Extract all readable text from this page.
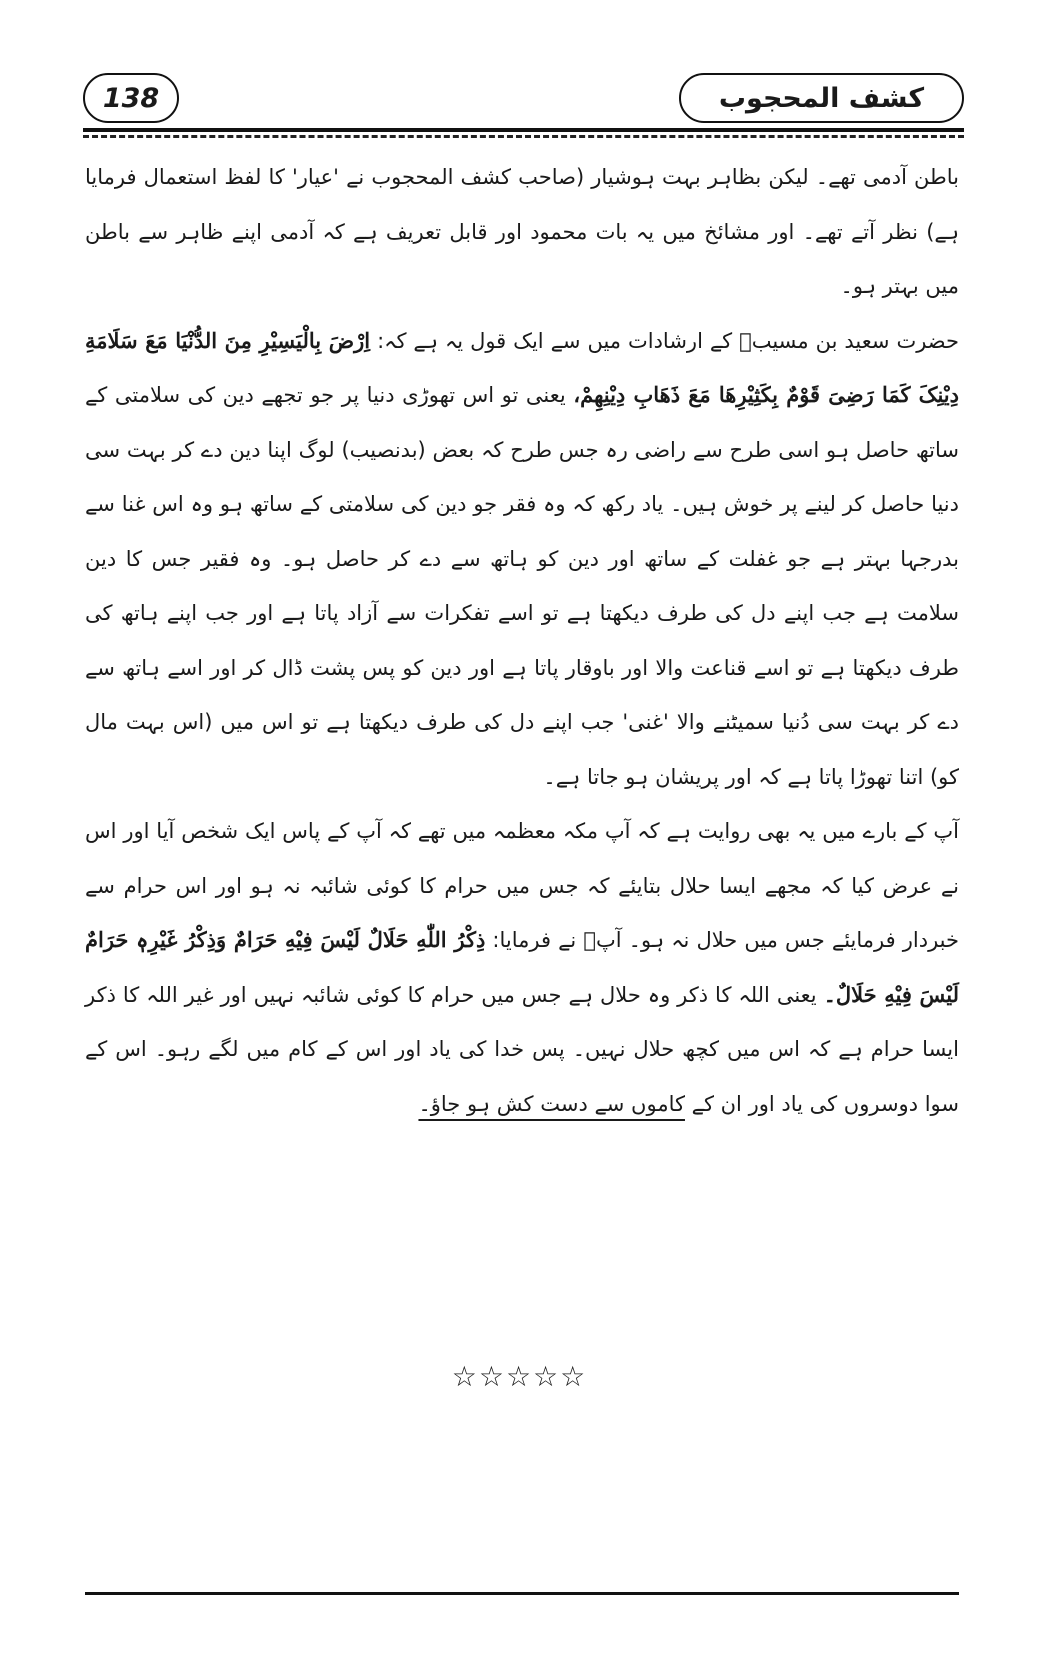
138	کشف المحجوب

باطن آدمی تھے۔ لیکن بظاہر بہت ہوشیار (صاحب کشف المحجوب نے 'عیار' کا لفظ استعمال فرمایا ہے) نظر آتے تھے۔ اور مشائخ میں یہ بات محمود اور قابل تعریف ہے کہ آدمی اپنے ظاہر سے باطن میں بہتر ہو۔

حضرت سعید بن مسیبؒ کے ارشادات میں سے ایک قول یہ ہے کہ: اِرْضَ بِالْیَسِیْرِ مِنَ الدُّنْیَا مَعَ سَلَامَةِ دِیْنِکَ کَمَا رَضِیَ قَوْمٌ بِکَثِیْرِهَا مَعَ ذَهَابِ دِیْنِهِمْ، یعنی تو اس تھوڑی دنیا پر جو تجھے دین کی سلامتی کے ساتھ حاصل ہو اسی طرح سے راضی رہ جس طرح کہ بعض (بدنصیب) لوگ اپنا دین دے کر بہت سی دنیا حاصل کر لینے پر خوش ہیں۔ یاد رکھ کہ وہ فقر جو دین کی سلامتی کے ساتھ ہو وہ اس غنا سے بدرجہا بہتر ہے جو غفلت کے ساتھ اور دین کو ہاتھ سے دے کر حاصل ہو۔ وہ فقیر جس کا دین سلامت ہے جب اپنے دل کی طرف دیکھتا ہے تو اسے تفکرات سے آزاد پاتا ہے اور جب اپنے ہاتھ کی طرف دیکھتا ہے تو اسے قناعت والا اور باوقار پاتا ہے اور دین کو پس پشت ڈال کر اور اسے ہاتھ سے دے کر بہت سی دُنیا سمیٹنے والا 'غنی' جب اپنے دل کی طرف دیکھتا ہے تو اس میں (اس بہت مال کو) اتنا تھوڑا پاتا ہے کہ اور پریشان ہو جاتا ہے۔

آپ کے بارے میں یہ بھی روایت ہے کہ آپ مکہ معظمہ میں تھے کہ آپ کے پاس ایک شخص آیا اور اس نے عرض کیا کہ مجھے ایسا حلال بتایئے کہ جس میں حرام کا کوئی شائبہ نہ ہو اور اس حرام سے خبردار فرمایئے جس میں حلال نہ ہو۔ آپؒ نے فرمایا: ذِکْرُ اللّٰهِ حَلَالٌ لَیْسَ فِیْهِ حَرَامٌ وَذِکْرُ غَیْرِهٖ حَرَامٌ لَیْسَ فِیْهِ حَلَالٌ۔ یعنی اللہ کا ذکر وہ حلال ہے جس میں حرام کا کوئی شائبہ نہیں اور غیر اللہ کا ذکر ایسا حرام ہے کہ اس میں کچھ حلال نہیں۔ پس خدا کی یاد اور اس کے کام میں لگے رہو۔ اس کے سوا دوسروں کی یاد اور ان کے کاموں سے دست کش ہو جاؤ۔

☆☆☆☆☆
